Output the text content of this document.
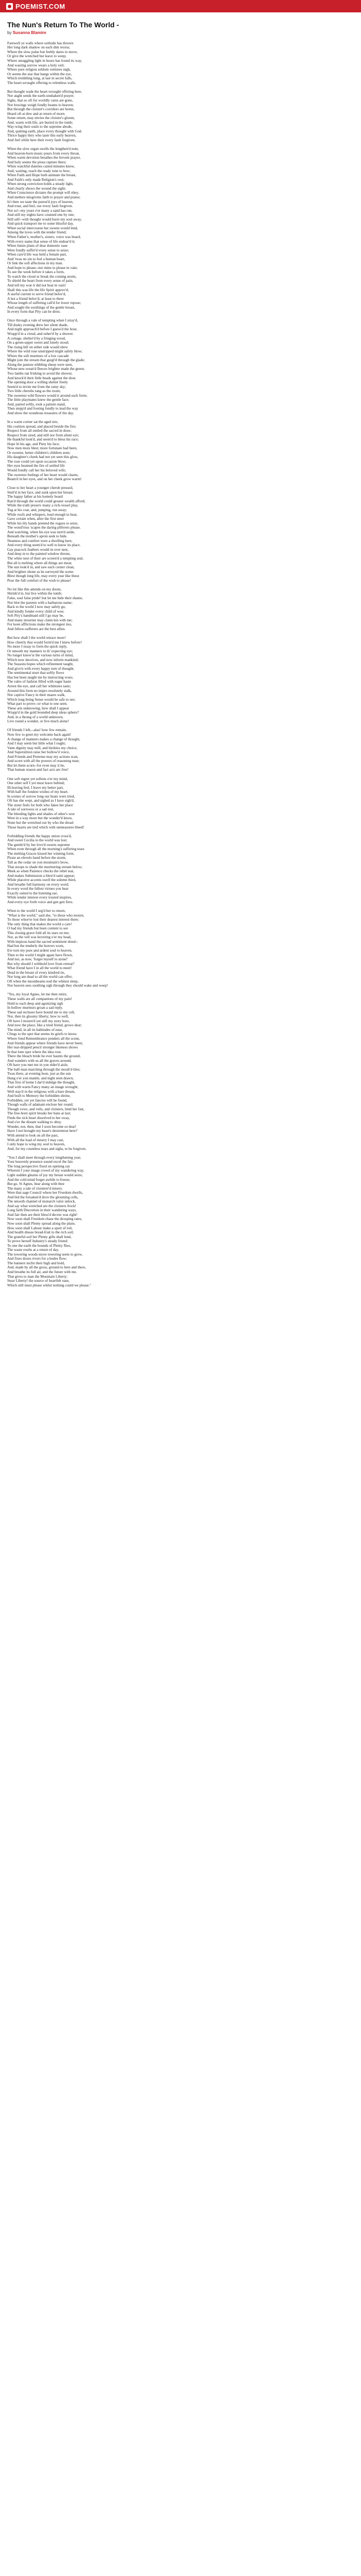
POEMIST.COM
The Nun's Return To The World -
by Susanna Blamire
Farewell ye walls where solitude has thrown
Her long dark shadow on each dim recess;
Where the slow pulse but feebly dares to move,
Or give the wretched but leave to weep;
Where smuggling light in hours has found its way,
And wasting sorrow wears a holy veil;
Where pure religion seldom ventures nigh,
Or seems the star that hangs within the eye,
Which trembling long, at last in secret falls,
The heart-wrought offering to relentless walls.
But thought wade the heart-wrought offering here,
Nor aught sends the earth-unshaken'd prayer;
Sighs, that so oft for worldly cares are gone,
Nor bowings weigh fondly beams to heaven;
But through the cloister's corridors are borne,
Heard oft at dew and at return of morn.
Some return, may envies the cloister's gloom,
And, warm with life, are buried in the tomb;
Way-wing their souls to the supreme abode,
And, quitting earth, place every thought with God.
Thrice happy they who taste this early heaven,
And feel while here their every fault forgiven.
When the slow organ swells the lengthen'd note,
And heaven-born music pours from every throat,
When warm devotion breathes the fervent prayer,
And holy seems the pious rapture there;
When watchful duteties catied minutes know,
And, waiting, reach the ready tone to bow;
When Faith and Hope both animate the breast,
And Faith's only made Religion's vest;
When strong conviction holds a steady light,
And clearly shows the wound the sight;
When Conscience dictates the prompt will obey,
And melters misgivens faith to prayer and praise;
Is't then we taste the purest'd joys of heaven,
And trust, and feel, our every fault forgiven.
Not so!--my years e'er many a sand has run,
And still my nights have counted one by one;
Still self--with thought would burst my soul away,
And quick transport me to some blissful day,
When social intercourse her sweets would lend,
Among the loves with the tender friend;
When Father's, mother's, sisters, voice was heard,
With every name that sense of life endear'd it;
When future plans of dear domestic ease
Were fondly suffer'd every sense to seize;
When care'd life was held a female part,
And 'twas no sin to feel a human heart,
Or link the soft affections in my man.
And hope to please--nor mine to please in vain;
To see the week before it takes a form,
To watch the cloud or break the coming storm,
To shield the heart from every sense of pain,
And tell my woe it did not beat in vain!
Shall this was life the life Spirit approv'd,
A useful current to serve friend belov'd,
A hot a friend belov'd, at least to there
Whose length of suffering call'd for lower repose;
And sought the soothings of the gentle breast,
In every form that Pity can be drest.
Once through a vale of tempting when I stray'd,
Till dusky evening drew her silent shade,
And night approach'd before I guess'd the hour,
Wrapp'd in a cloud, and usher'd by a shower.
A cottage, shelter'd by a fringing wood,
On a green-upper sweet and lonely stood;
The rising hill on either side would shew
Where the wild rose unstripped might safely blow;
Where the soft murmurs of a low cascade
Might join the stream that gurgl'd through the glade;
Along the pasture nibbling sheep were seen,
Whose new-wean'd fleeces brighter made the green;
Two lambs ran frisking to avoid the shower,
And knock'd their little heads against the door.
The opening door a willing shelter freely
Seem'd to invite me from the rainy sky;
Two little cherubs rang as the room;
The sweetest wild flowers would it around each form;
The little playmates knew the gentle face;
And, parted softly, took a patient stand,
Then stepp'd and footing fondly to lead the way
And show the wondrous treasures of the day.
In a warm corner sat the aged sire,
His cushion spread, and placed beside the fire;
Respect from all smiled the sacred in draw;
Respect from sired, and still nor from silent eye;
He thankful look'd, and seem'd to bless his race;
Hope lit his age, and Piety his face;
Now men more blest; more fortunate had been,
Or sweeter, better children's children seen;
His daughter's cheek had not yet seen this glow,
The rose could yet upon occasion blow;
Her eyes beamed the fire of settled life
Would fondly call her his beloved wife;
The sweetest feelings of her heart would charm,
Beam'd in her eyes, and on her cheek grow warm!
Close to her heart a younger cherub pressed,
Smil'd in her face, and sunk upon her breast;
The happy father at his homely board
Ran'd through the world could greater wealth afford;
While the truth preserv many a rich-vessel play,
Tug at his coat, and, jumping, run away;
While roofs and whispers, loud enough to hear,
Gave certain when, after the first steer
While his lily hands pretend the rogues to seize,
The wond'rous 'scapes the daring pilferers please.
And watching, when his eye was turn'd aside,
Beneath the mother's apron seek to hide.
Neatness and comfort were a dwelling here,
And every thing seem'd to well to know its place.
Gay peacock feathers would in over nest,
And deep in to the painted window throne,
The white nest of their are screen'd a tempting seal,
But all is melting where all things are meat;
The sun look'd in, and saw each corner clean,
And brighter shone as he surveyed the scene.
Blest though long life, may every year like these
Pour the full comfort of the wish to please!
No lot like this attends on my doom,
Shrink'd in, but live within the tomb;
False, soul false pride! but let me hide their shame,
Nor blot the parents with a barbarous name;
Back to the world I now may safely go,
And kindly fonder every child of woe;
Soft Pity's handmaid still I go may be,
And many mourner may claim kin with me;
For keen afflictions make the strongest ties,
And fellow-sufferers are the best allies.
But how shall I the world retrace more!
How cheerly that would form'd me I knew before!
No more I essay to form the quick reply,
Or smooth my manners to th' expecting eye;
No longer know'st the various turns of mind,
Which now deceives, and now inform mankind;
The Seasons hopes which refinement taught,
And give'n with every happy turn of thought;
The sentimental store that softly flows
Has but been taught me by instructing woes;
The vales of fashion filled with eager haste
Arrest the eye, and call her whimsies taste;
Around this form no impro resolutely stalk,
Nor captive Fancy in their mazes walk,
Which long being Sense would be safe to see;
What part to prove--or what to one seen;
These arts unknowing, how shall I appear
Wrapp'd in the gold bounded deep ideas sphere?
And, in a throng of a world unknown,
Live round a wonder, or live much alone!
Of friends I left,--alas! how few remain,
Now few to greet my welcome back again!
A change of manners makes a change of thought,
And I may seem but little what I ought;
Vann dignity may mill, and birdsies my choice,
And Superstition raise her hollow'd voice,
And Friends and Pretense may my actions scan,
And scorn with all the powers of reasoning man;
But let them scorn--for even may it be,
That human reason and fact acts are free!
One soft regret yet softens o'er my mind,
One other self I yet must leave behind;
Ill-leaving feel, I leave my better part,
With half the fondest wishes of my heart.
In scenes of sorrow long our heats were tried,
Oft has she wept, and sighed as I have sigh'd,
The sister feels for both who fakes her place
A tale of sorrowes or a sad rest,
The bleeding lights and shades of other's woe
Were in a way more but the wonder'd know,
None but the wretched our by who the dread
Those hearts are tied which with unmeasures bleed!
Forbidding friends the happy union cross'd,
And sweet Cecilia to the world was lost;
The gentle'd by her love'd sweets supreme
When even through all the morning's suffering tears
The melting Graces kissed her winning form.
Pirate an elevelo hand before the storm,
Tall as the cedar on yon mountain's brow,
That stoops to shade the murmuring stream below;
Meek as when Patience checks the rebel tear,
And makes Submission a blest'd saint appear;
While placeive accents swell the solemn third,
And breathe full harmony on every word;
In every word the fullest virtues you hear
Exactly suited to the listening ear;
While tender interest every trusted inspires,
And every eye forth voice and gen gen fires.
When to the world I urg'd her to return,
"What is the world," said she, "to those who mourn,
To those whoe'er lost their dearest interest there;
The only thing that makes the world a care!
O had my friends but been content to see
This closing grave fold all its stars on me;
Nor, as the veil was hovering o'er my head,
With impious hand the sacred sentiment shred--
Had but the tenderly the horrors worn,
Ere torn my pure and ardent soul to heaven,
Then to the world I might again have flown,
And not, as now, 'forget myself to stone!'
But why should I withhold love from retreat?
What friend have I in all the world to meet!
Dead in the breast of every kindred tie,
Nor long am dead to all the world can offer;
Oft when the moonbeams nod the whitest sleep,
Nor heaven sees soothing sigh through they should wake and weep!
"Yes, my loyal Agnes, let me then retire,
These walls are all companions of my pain!
Hold to each deep and agonizing sigh
In hollow murmurs groan a sad reply.
These sad recluses have bound me to my cell,
Nor, then its gloomy liberty; how to well,
Oft have I mourn'd yet still my story bore,
And now the place, like a tried friend, grows dear;
The mind, in all its habitudes of ease,
Clings to the spot that seems its griefs to know.
Where fond Remembrance ponders all the scene,
And friends appear where friends have never been;
Her tear-dripped pencil stronger likeness shows
In that lone spot where the idea rose.
There the bleach bride he ever haunts the ground,
And wanders with us all the graves around;
Oft have you met me in yon elder'd aisle,
The half-man marching through the moult'd tiles;
Twas there, at evening hour, just as the sun
Hung o'er yon mantle, and night seen drawn,
That first of home I dar'd indulge the thought,
And with warm Fancy many an image wrought;
Well stay'd in the religious with a bare dream,
And built to Memory the forbidden shrine,
Forbidden, yet yet fancies will be found,
Though walls of adamant enclose her round;
Though vows, and veils, and cloisters, bind her fast,
The free-born spirit breaks her bans at last;
Finds the sick heart dissolved to her sway,
And o'er the distant walking to obey.
Wonder, not, then, that I soon become so dear!
Have I not brought my heart's desiremost here?
With attend to look on all the past,
With all the load of misery I may cast,
I only hope to wing my soul to heaven,
And, for my countless tears and sighs, to be forgiven.
"You I shall meet through every lengthening year,
Your heavenly presence sound excel the fair.
The long perspective fixed on opening ray
Wherein I your image crowd of my wandering way,
Light sudden gleams of joy my breast would seize,
And the cold mind forget awhile to freeze;
But go, St Agnes, bear along with thee
The many a tale of cloistere'd misery.
Were that sage Council where her Freedom dwells,
And bid the forsaken'd dove the glooming cells,
The smooth channel of monarch valor unlock,
And say what wretched are the cloisters frock!
Long faith Discretion in their wandering ways,
And fair then are their bless'd decree was right!
Now soon shall Freedom chase the drooping rates,
Now soon shall Plenty spread along the plans.
How soon shall Labour make a sport of toil,
And health disuse bread-fruit to the rich soil;
The grateful soil her Plenty gifts shall lend,
To prove herself Industry's steady friend:
To one the earth the bounds of Plenty flies,
The waste exults at a return of day.
The towering woods move towering seem to grow,
And fixes doxes rivers for a bodes flow;
The banners inclin their high and bold,
And, made by all the gross, ground to here and there,
And breathe its full air, and the future with me.
That gives to man the Mountain Liberty;
Stear Liberty! the source of heartfelt ease,
Which still must please whilst nothing could we please."
